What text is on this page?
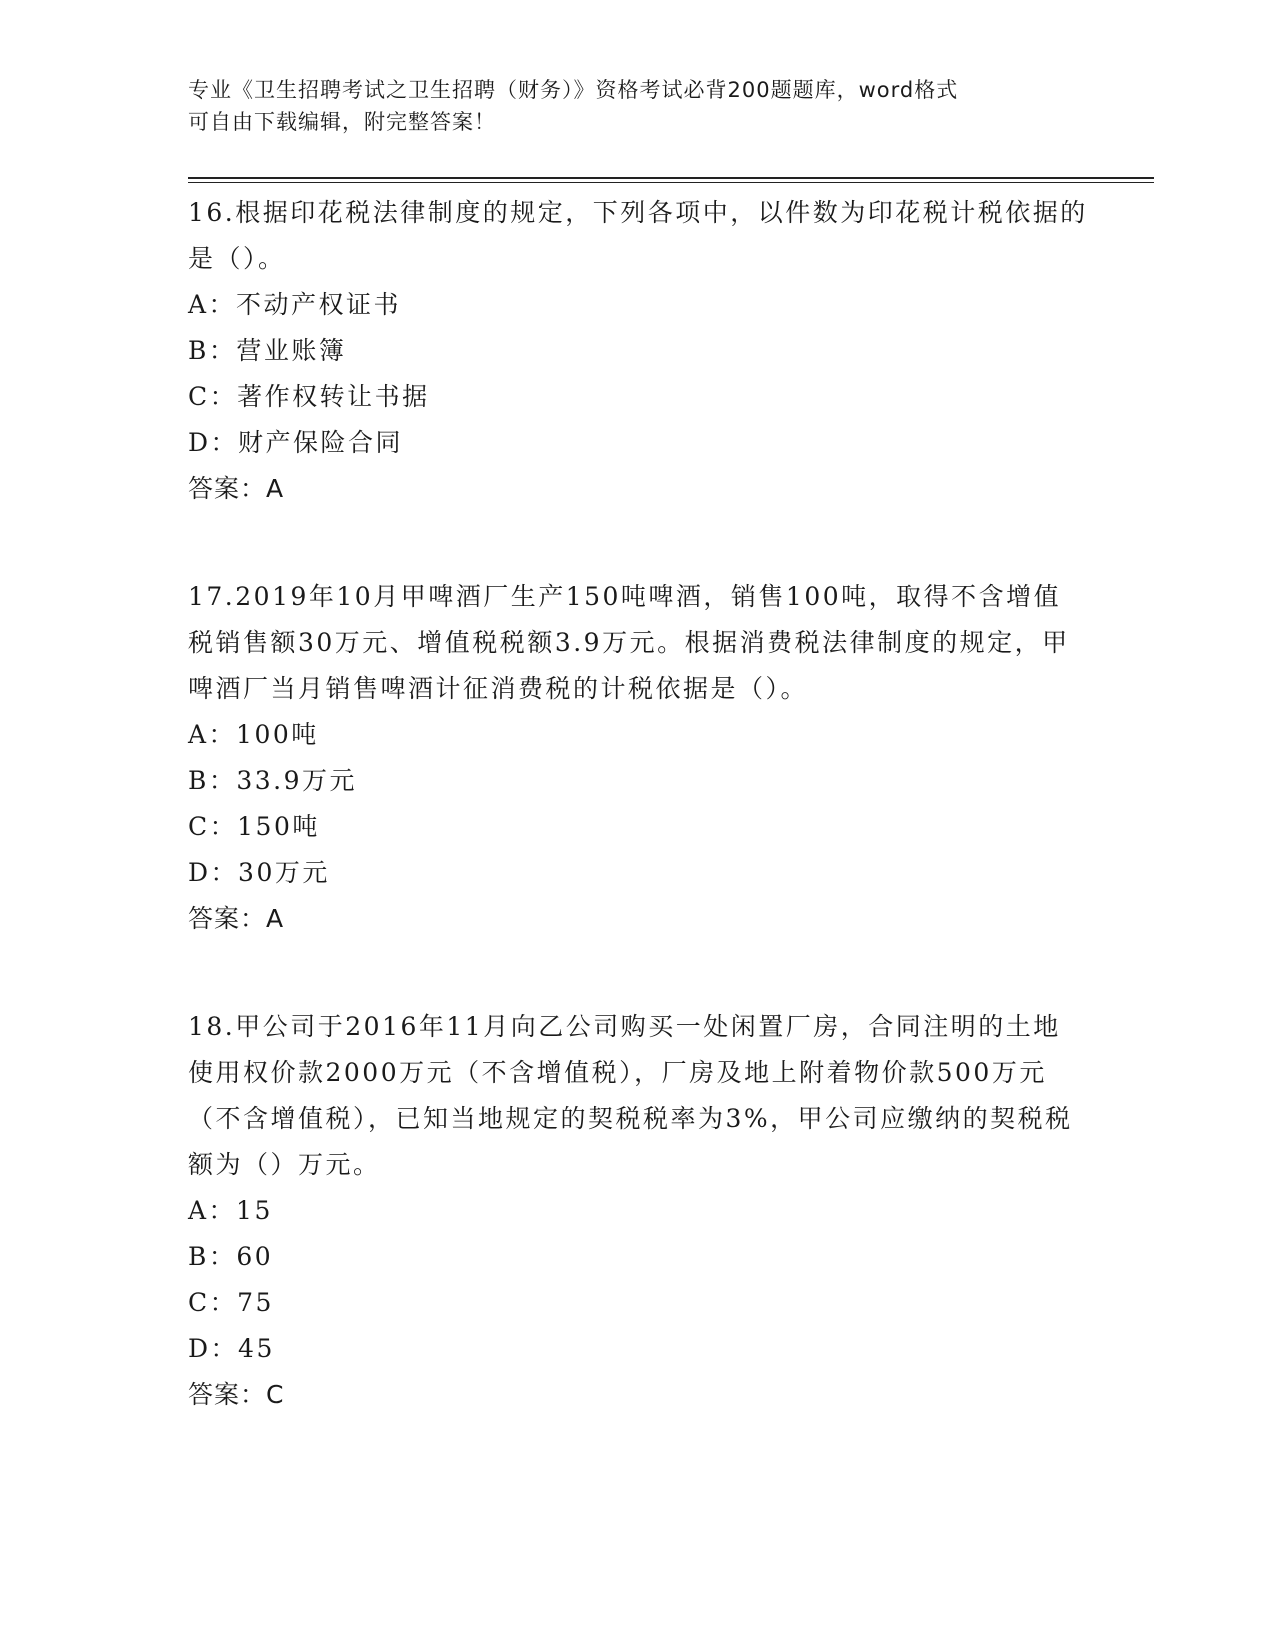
专业《卫生招聘考试之卫生招聘（财务）》资格考试必背200题题库，word格式
可自由下载编辑，附完整答案！

16.根据印花税法律制度的规定，下列各项中，以件数为印花税计税依据的是（）。

A：不动产权证书

B：营业账簿

C：著作权转让书据

D：财产保险合同

答案：A

17.2019年10月甲啤酒厂生产150吨啤酒，销售100吨，取得不含增值税销售额30万元、增值税税额3.9万元。根据消费税法律制度的规定，甲啤酒厂当月销售啤酒计征消费税的计税依据是（）。

A：100吨

B：33.9万元

C：150吨

D：30万元

答案：A

18.甲公司于2016年11月向乙公司购买一处闲置厂房，合同注明的土地使用权价款2000万元（不含增值税），厂房及地上附着物价款500万元（不含增值税），已知当地规定的契税税率为3%，甲公司应缴纳的契税税额为（）万元。

A：15

B：60

C：75

D：45

答案：C
